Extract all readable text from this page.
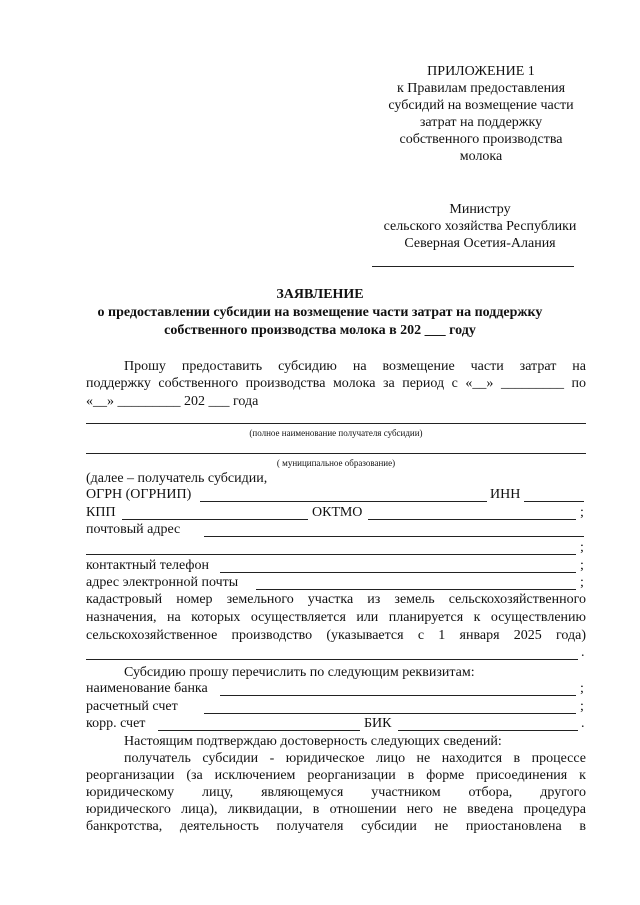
ПРИЛОЖЕНИЕ 1
к Правилам предоставления
субсидий на возмещение части
затрат на поддержку
собственного производства
молока
Министру
сельского хозяйства Республики
Северная Осетия-Алания
ЗАЯВЛЕНИЕ
о предоставлении субсидии на возмещение части затрат на поддержку
собственного производства молока в 202 ___ году
Прошу предоставить субсидию на возмещение части затрат на
поддержку собственного производства молока за период с «__» _________ по
«__» _________ 202 ___ года
(полное наименование получателя субсидии)
( муниципальное образование)
(далее – получатель субсидии,
ОГРН (ОГРНИП)	ИНН
КПП	ОКТМО	;
почтовый адрес
;
контактный телефон	;
адрес электронной почты	;
кадастровый номер земельного участка из земель сельскохозяйственного
назначения, на которых осуществляется или планируется к осуществлению
сельскохозяйственное производство (указывается с 1 января 2025 года)
.
Субсидию прошу перечислить по следующим реквизитам:
наименование банка	;
расчетный счет	;
корр. счет	БИК	.
Настоящим подтверждаю достоверность следующих сведений:
получатель субсидии - юридическое лицо не находится в процессе
реорганизации (за исключением реорганизации в форме присоединения к
юридическому лицу, являющемуся участником отбора, другого
юридического лица), ликвидации, в отношении него не введена процедура
банкротства, деятельность получателя субсидии не приостановлена в
